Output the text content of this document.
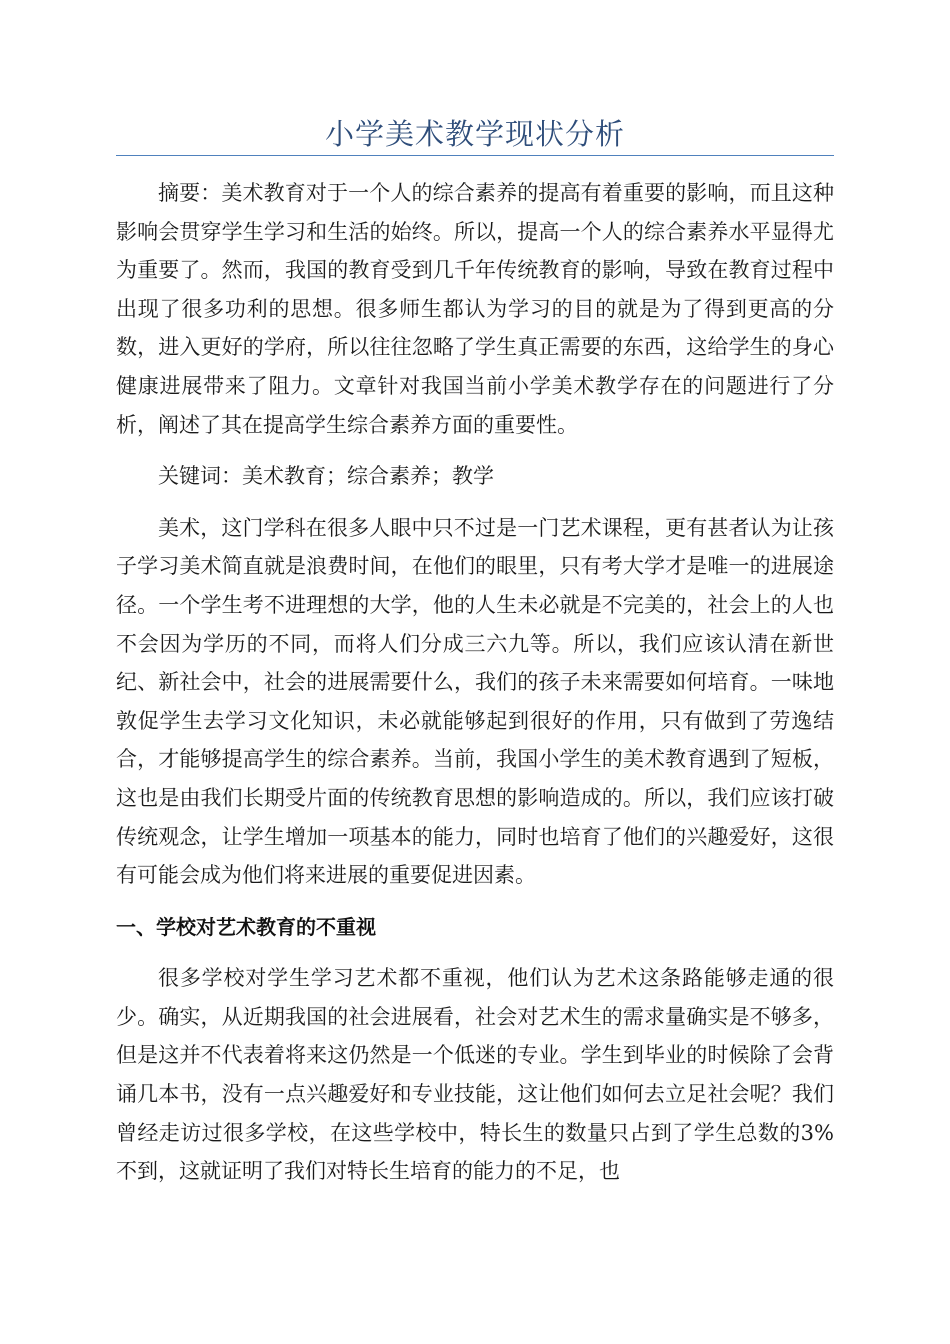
小学美术教学现状分析

摘要：美术教育对于一个人的综合素养的提高有着重要的影响，而且这种影响会贯穿学生学习和生活的始终。所以，提高一个人的综合素养水平显得尤为重要了。然而，我国的教育受到几千年传统教育的影响，导致在教育过程中出现了很多功利的思想。很多师生都认为学习的目的就是为了得到更高的分数，进入更好的学府，所以往往忽略了学生真正需要的东西，这给学生的身心健康进展带来了阻力。文章针对我国当前小学美术教学存在的问题进行了分析，阐述了其在提高学生综合素养方面的重要性。

关键词：美术教育；综合素养；教学

美术，这门学科在很多人眼中只不过是一门艺术课程，更有甚者认为让孩子学习美术简直就是浪费时间，在他们的眼里，只有考大学才是唯一的进展途径。一个学生考不进理想的大学，他的人生未必就是不完美的，社会上的人也不会因为学历的不同，而将人们分成三六九等。所以，我们应该认清在新世纪、新社会中，社会的进展需要什么，我们的孩子未来需要如何培育。一味地敦促学生去学习文化知识，未必就能够起到很好的作用，只有做到了劳逸结合，才能够提高学生的综合素养。当前，我国小学生的美术教育遇到了短板，这也是由我们长期受片面的传统教育思想的影响造成的。所以，我们应该打破传统观念，让学生增加一项基本的能力，同时也培育了他们的兴趣爱好，这很有可能会成为他们将来进展的重要促进因素。

一、学校对艺术教育的不重视

很多学校对学生学习艺术都不重视，他们认为艺术这条路能够走通的很少。确实，从近期我国的社会进展看，社会对艺术生的需求量确实是不够多，但是这并不代表着将来这仍然是一个低迷的专业。学生到毕业的时候除了会背诵几本书，没有一点兴趣爱好和专业技能，这让他们如何去立足社会呢？我们曾经走访过很多学校，在这些学校中，特长生的数量只占到了学生总数的3%不到，这就证明了我们对特长生培育的能力的不足，也
